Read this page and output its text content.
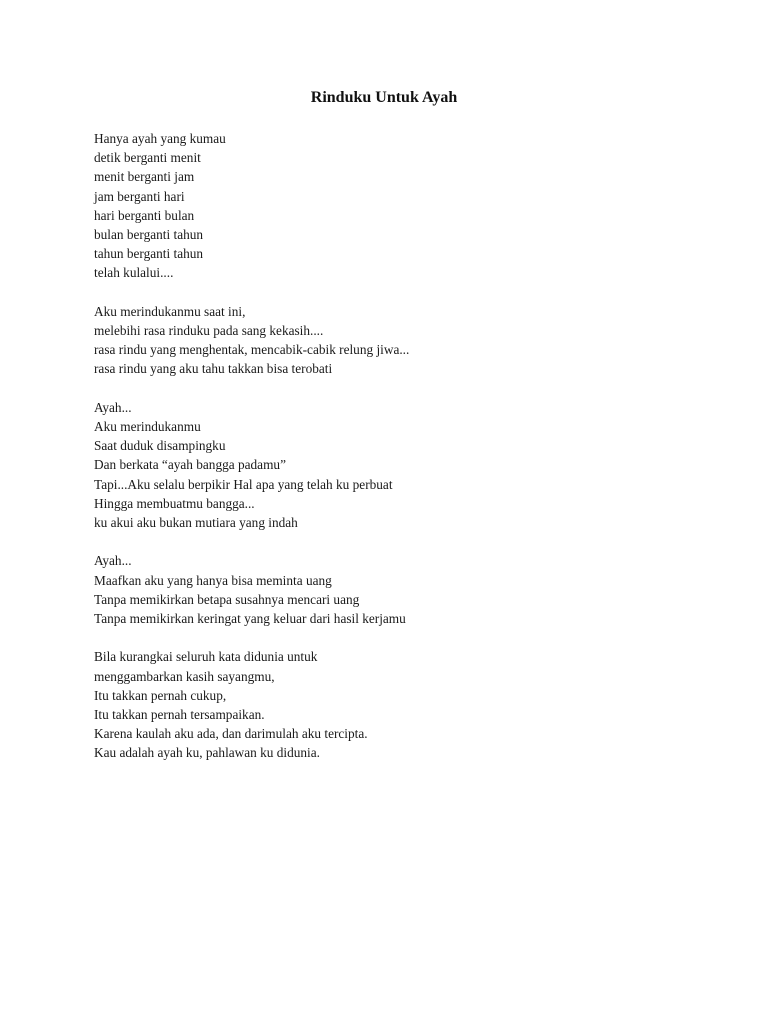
Rinduku Untuk Ayah
Hanya ayah yang kumau
detik berganti menit
menit berganti jam
jam berganti hari
hari berganti bulan
bulan berganti tahun
tahun berganti tahun
telah kulalui....
Aku merindukanmu saat ini,
melebihi rasa rinduku pada sang kekasih....
rasa rindu yang menghentak, mencabik-cabik relung jiwa...
rasa rindu yang aku tahu takkan bisa terobati
Ayah...
Aku merindukanmu
Saat duduk disampingku
Dan berkata “ayah bangga padamu”
Tapi...Aku selalu berpikir Hal apa yang telah ku perbuat
Hingga membuatmu bangga...
ku akui aku bukan mutiara yang indah
Ayah...
Maafkan aku yang hanya bisa meminta uang
Tanpa memikirkan betapa susahnya mencari uang
Tanpa memikirkan keringat yang keluar dari hasil kerjamu
Bila kurangkai seluruh kata didunia untuk
menggambarkan kasih sayangmu,
Itu takkan pernah cukup,
Itu takkan pernah tersampaikan.
Karena kaulah aku ada, dan darimulah aku tercipta.
Kau adalah ayah ku, pahlawan ku didunia.
